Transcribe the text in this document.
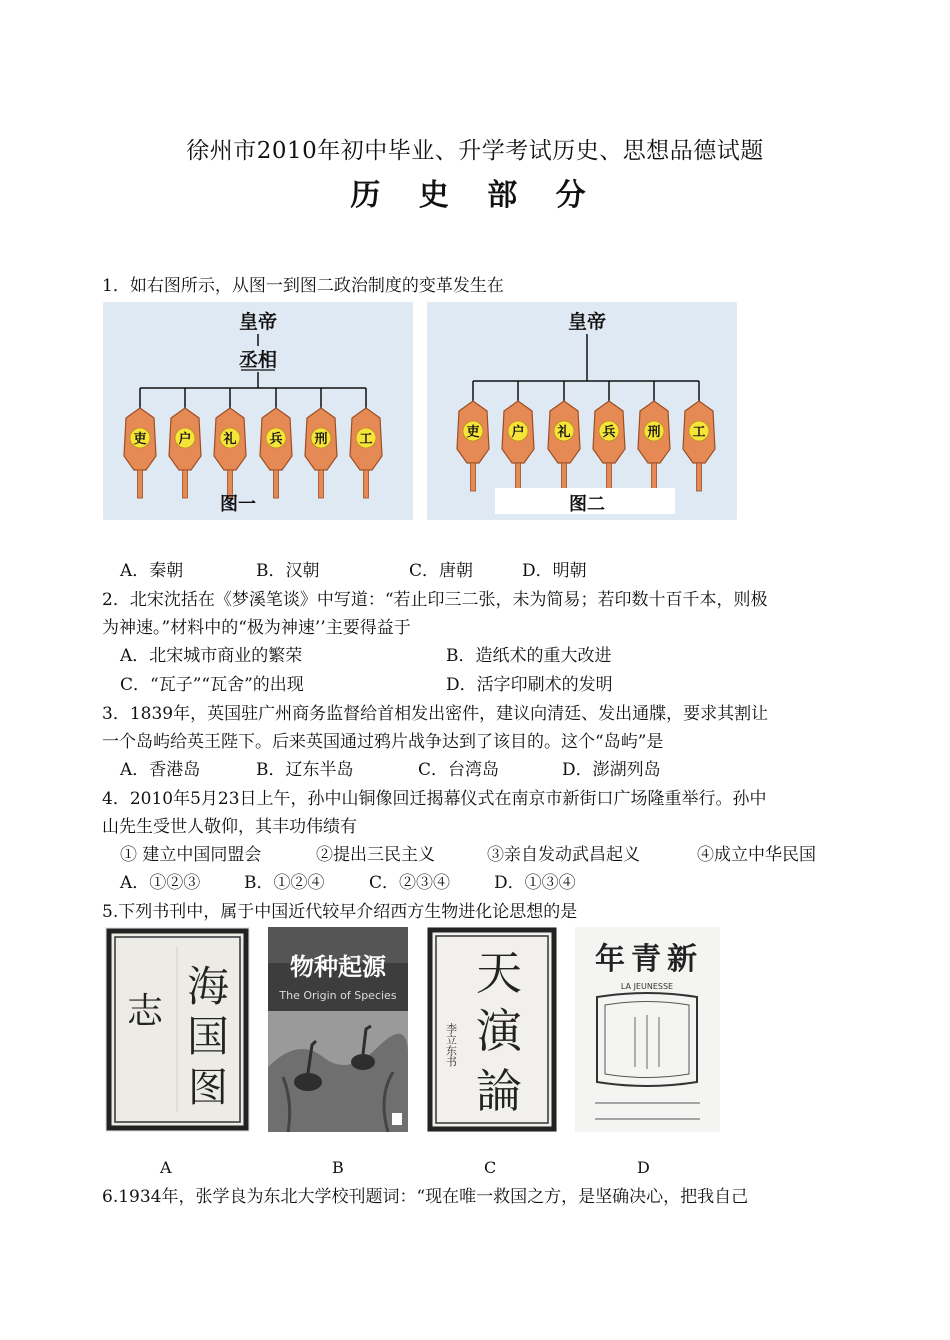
徐州市2010年初中毕业、升学考试历史、思想品德试题
历 史 部 分
1．如右图所示，从图一到图二政治制度的变革发生在
皇帝
丞相
吏 户 礼	兵 刑 工
图一
皇帝
吏 户	礼 兵 刑 工
图二
A．秦朝	B．汉朝	C．唐朝	D．明朝
2．北宋沈括在《梦溪笔谈》中写道：“若止印三二张，未为简易；若印数十百千本，则极
为神速。”材料中的“极为神速’’主要得益于
A．北宋城市商业的繁荣	B．造纸术的重大改进
C．“瓦子”“瓦舍”的出现	D．活字印刷术的发明
3．1839年，英国驻广州商务监督给首相发出密件，建议向清廷、发出通牒，要求其割让
一个岛屿给英王陛下。后来英国通过鸦片战争达到了该目的。这个“岛屿”是
A．香港岛	B．辽东半岛	C．台湾岛	D．澎湖列岛
4．2010年5月23日上午，孙中山铜像回迁揭幕仪式在南京市新街口广场隆重举行。孙中
山先生受世人敬仰，其丰功伟绩有
① 建立中国同盟会	②提出三民主义	③亲自发动武昌起义	④成立中华民国
A．①②③	B．①②④	C．②③④	D．①③④
5.下列书刊中，属于中国近代较早介绍西方生物进化论思想的是
海
国
图
志
物种起源
The Origin of Species 天
演
論
李立东书
年青新
LA JEUNESSE
A	B	C	D
6.1934年，张学良为东北大学校刊题词：“现在唯一救国之方，是坚确决心，把我自己
